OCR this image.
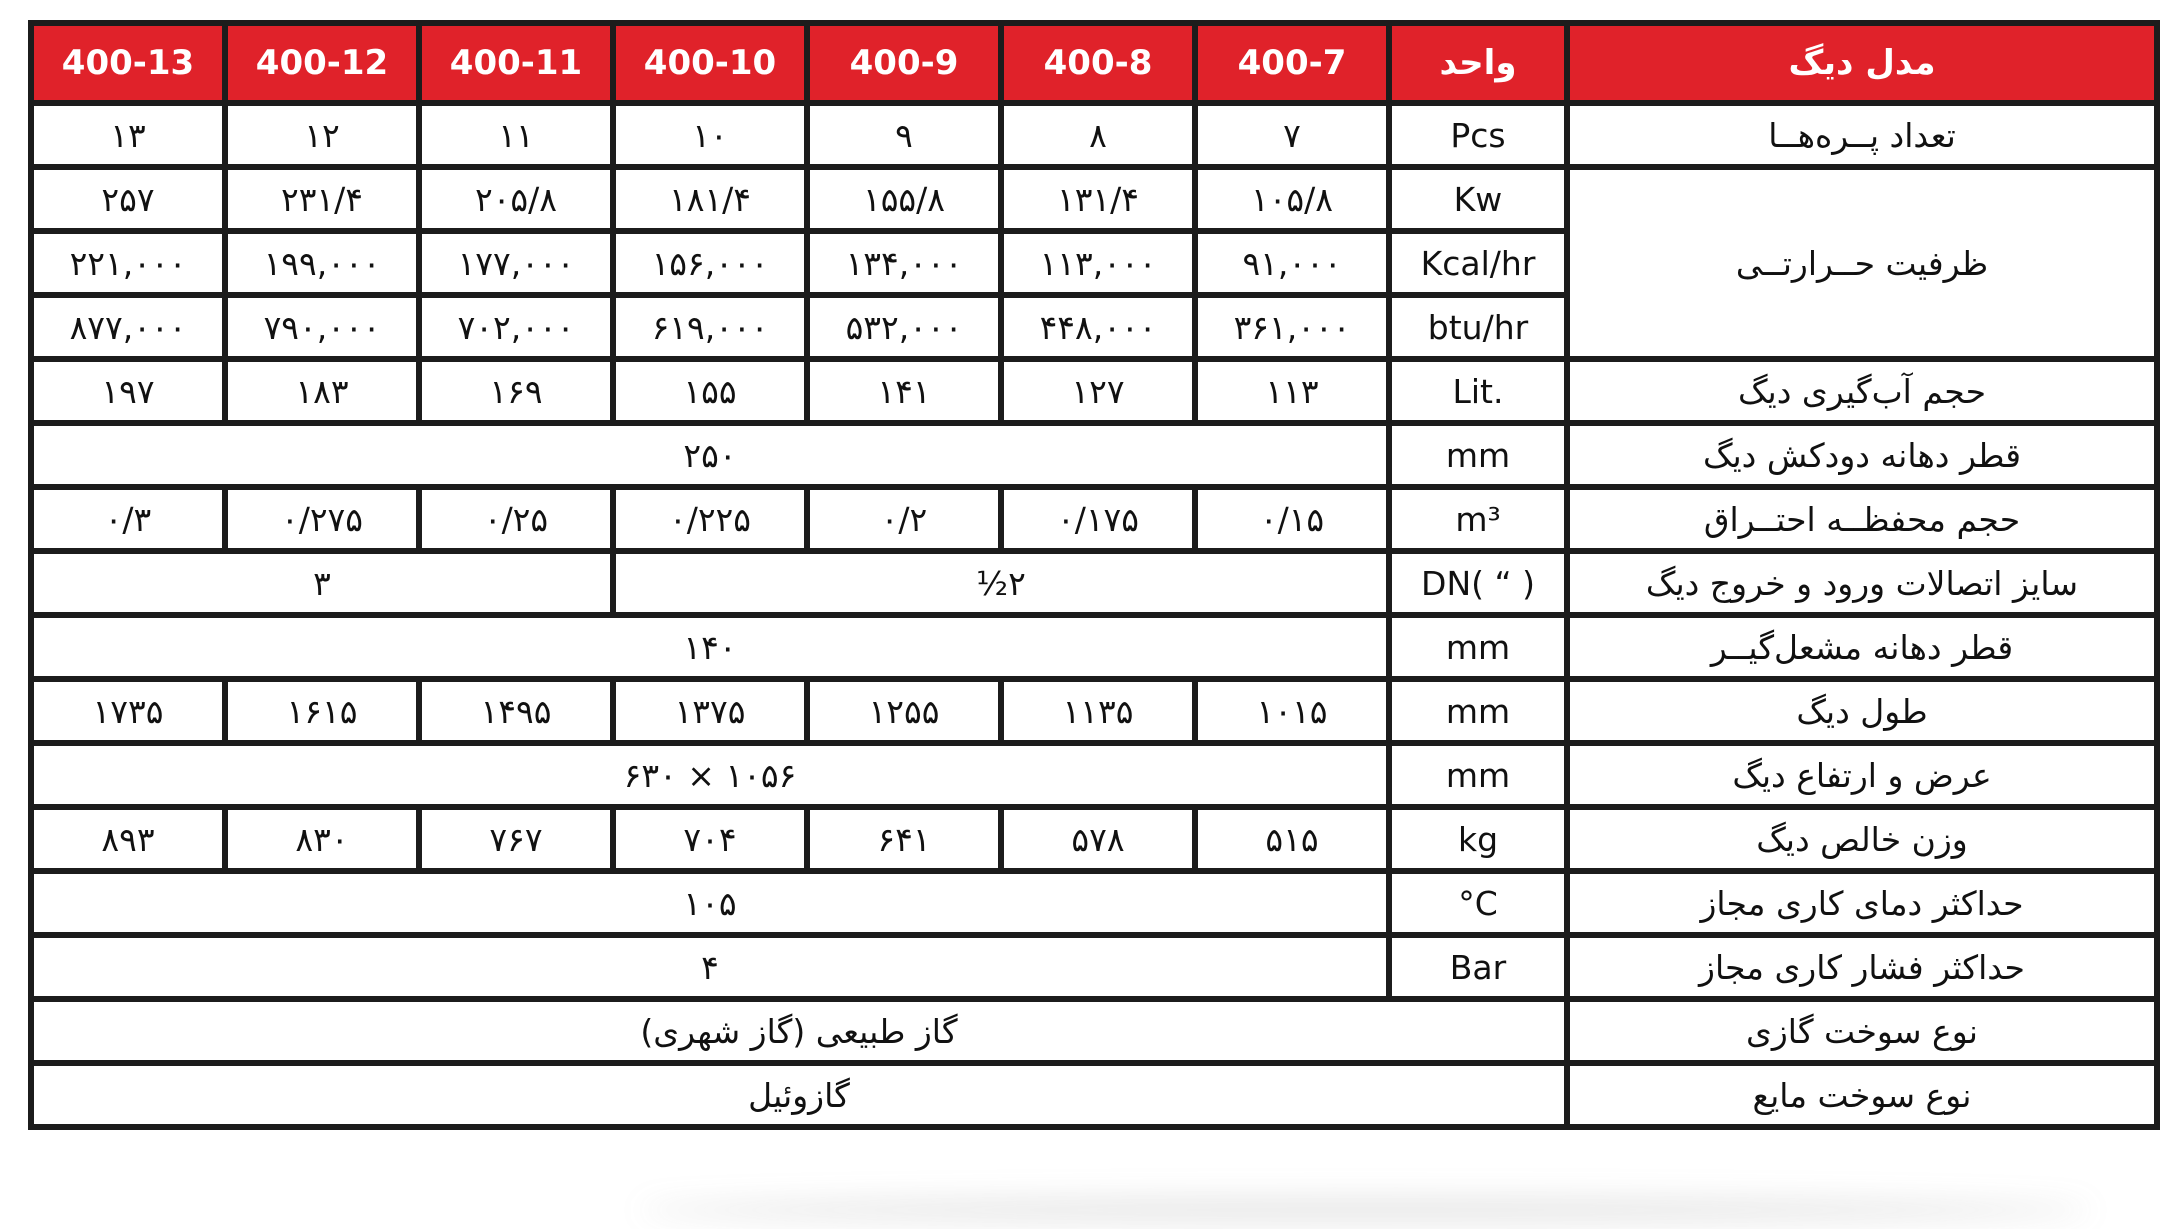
مدل دیگ	واحد	400-7	400-8	400-9	400-10	400-11	400-12	400-13
تعداد پــره‌هــا	Pcs	۷	۸	۹	۱۰	۱۱	۱۲	۱۳
ظرفیت حــرارتــی	Kw	۱۰۵/۸	۱۳۱/۴	۱۵۵/۸	۱۸۱/۴	۲۰۵/۸	۲۳۱/۴	۲۵۷
	Kcal/hr	۹۱,۰۰۰	۱۱۳,۰۰۰	۱۳۴,۰۰۰	۱۵۶,۰۰۰	۱۷۷,۰۰۰	۱۹۹,۰۰۰	۲۲۱,۰۰۰
	btu/hr	۳۶۱,۰۰۰	۴۴۸,۰۰۰	۵۳۲,۰۰۰	۶۱۹,۰۰۰	۷۰۲,۰۰۰	۷۹۰,۰۰۰	۸۷۷,۰۰۰
حجم آب‌گیری دیگ	Lit.	۱۱۳	۱۲۷	۱۴۱	۱۵۵	۱۶۹	۱۸۳	۱۹۷
قطر دهانه دودکش دیگ	mm	۲۵۰						
حجم محفظــه احتــراق	m³	۰/۱۵	۰/۱۷۵	۰/۲	۰/۲۲۵	۰/۲۵	۰/۲۷۵	۰/۳
سایز اتصالات ورود و خروج دیگ	DN( “ )	۲½				۳		
قطر دهانه مشعل‌گیــر	mm	۱۴۰						
طول دیگ	mm	۱۰۱۵	۱۱۳۵	۱۲۵۵	۱۳۷۵	۱۴۹۵	۱۶۱۵	۱۷۳۵
عرض و ارتفاع دیگ	mm	۶۳۰ × ۱۰۵۶						
وزن خالص دیگ	kg	۵۱۵	۵۷۸	۶۴۱	۷۰۴	۷۶۷	۸۳۰	۸۹۳
حداکثر دمای کاری مجاز	°C	۱۰۵						
حداکثر فشار کاری مجاز	Bar	۴						
نوع سوخت گازی	گاز طبیعی (گاز شهری)							
نوع سوخت مایع	گازوئیل							
